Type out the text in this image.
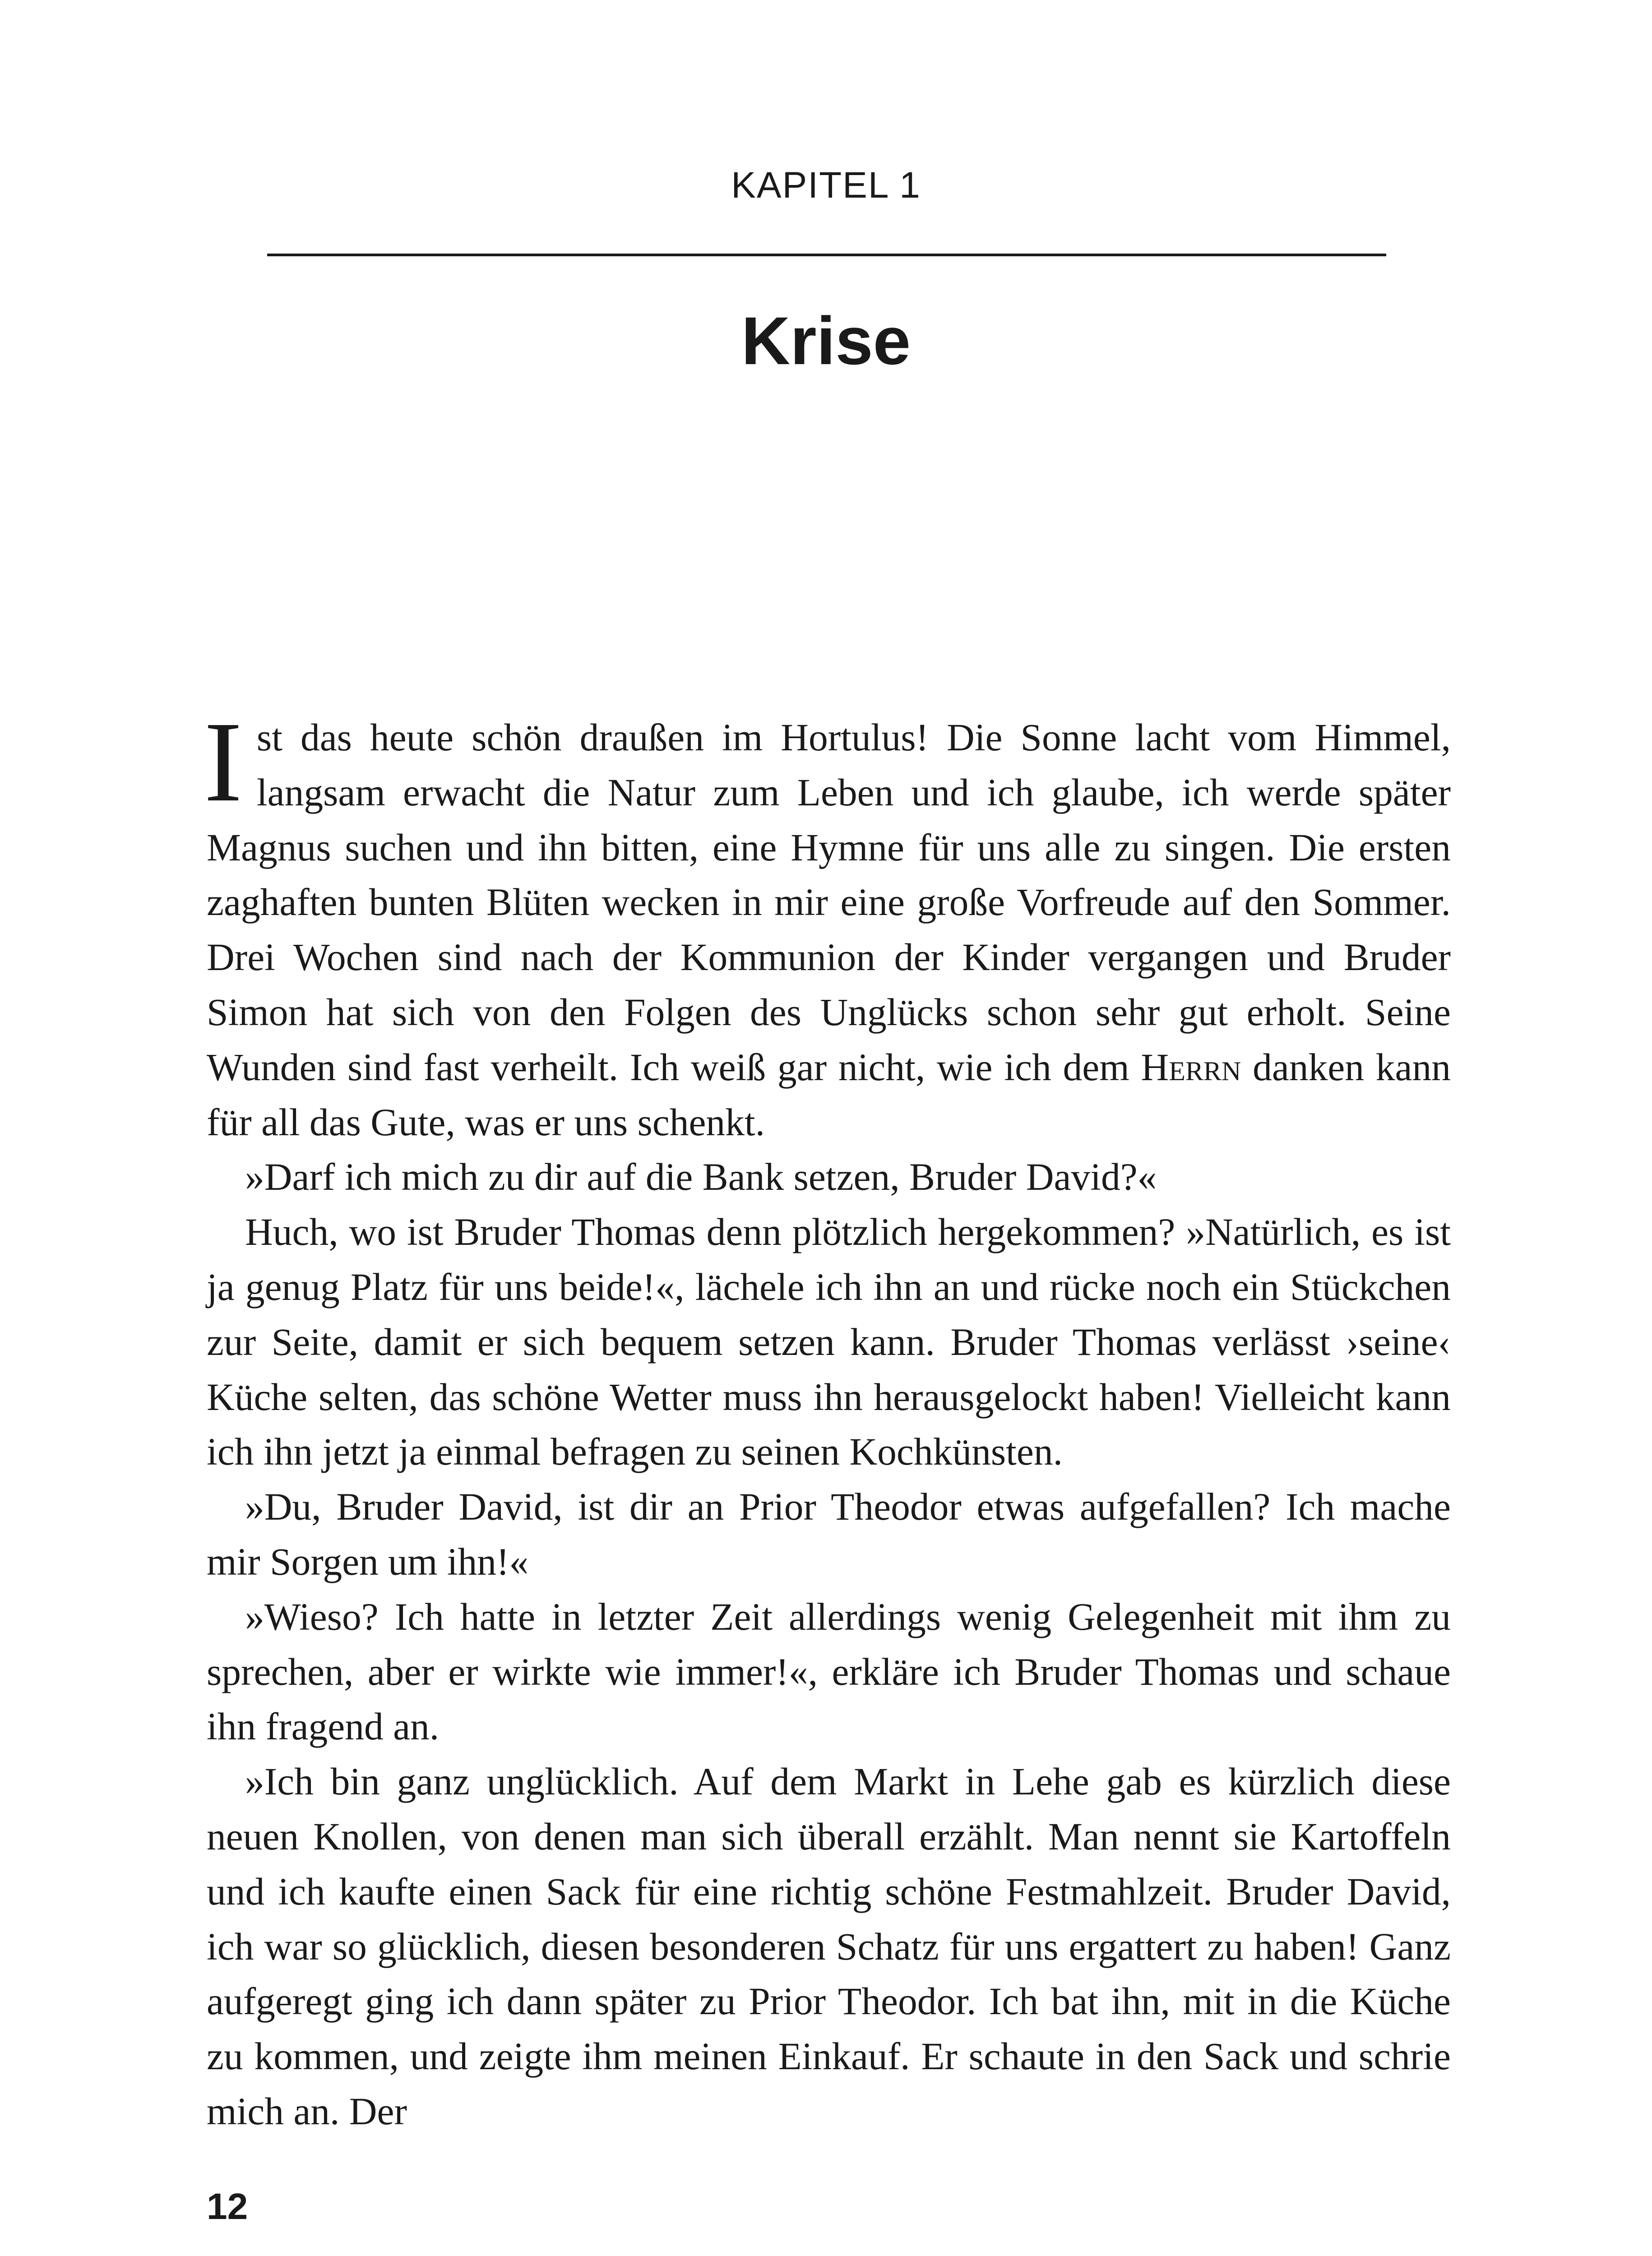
KAPITEL 1
Krise

Ist das heute schön draußen im Hortulus! Die Sonne lacht vom Himmel, langsam erwacht die Natur zum Leben und ich glaube, ich werde später Magnus suchen und ihn bitten, eine Hymne für uns alle zu singen. Die ersten zaghaften bunten Blüten wecken in mir eine große Vorfreude auf den Sommer. Drei Wochen sind nach der Kommunion der Kinder vergangen und Bruder Simon hat sich von den Folgen des Unglücks schon sehr gut erholt. Seine Wunden sind fast verheilt. Ich weiß gar nicht, wie ich dem Herrn danken kann für all das Gute, was er uns schenkt.

»Darf ich mich zu dir auf die Bank setzen, Bruder David?«

Huch, wo ist Bruder Thomas denn plötzlich hergekommen? »Natürlich, es ist ja genug Platz für uns beide!«, lächele ich ihn an und rücke noch ein Stückchen zur Seite, damit er sich bequem setzen kann. Bruder Thomas verlässt ›seine‹ Küche selten, das schöne Wetter muss ihn herausgelockt haben! Vielleicht kann ich ihn jetzt ja einmal befragen zu seinen Kochkünsten.

»Du, Bruder David, ist dir an Prior Theodor etwas aufgefallen? Ich mache mir Sorgen um ihn!«

»Wieso? Ich hatte in letzter Zeit allerdings wenig Gelegenheit mit ihm zu sprechen, aber er wirkte wie immer!«, erkläre ich Bruder Thomas und schaue ihn fragend an.

»Ich bin ganz unglücklich. Auf dem Markt in Lehe gab es kürzlich diese neuen Knollen, von denen man sich überall erzählt. Man nennt sie Kartoffeln und ich kaufte einen Sack für eine richtig schöne Festmahlzeit. Bruder David, ich war so glücklich, diesen besonderen Schatz für uns ergattert zu haben! Ganz aufgeregt ging ich dann später zu Prior Theodor. Ich bat ihn, mit in die Küche zu kommen, und zeigte ihm meinen Einkauf. Er schaute in den Sack und schrie mich an. Der

12
